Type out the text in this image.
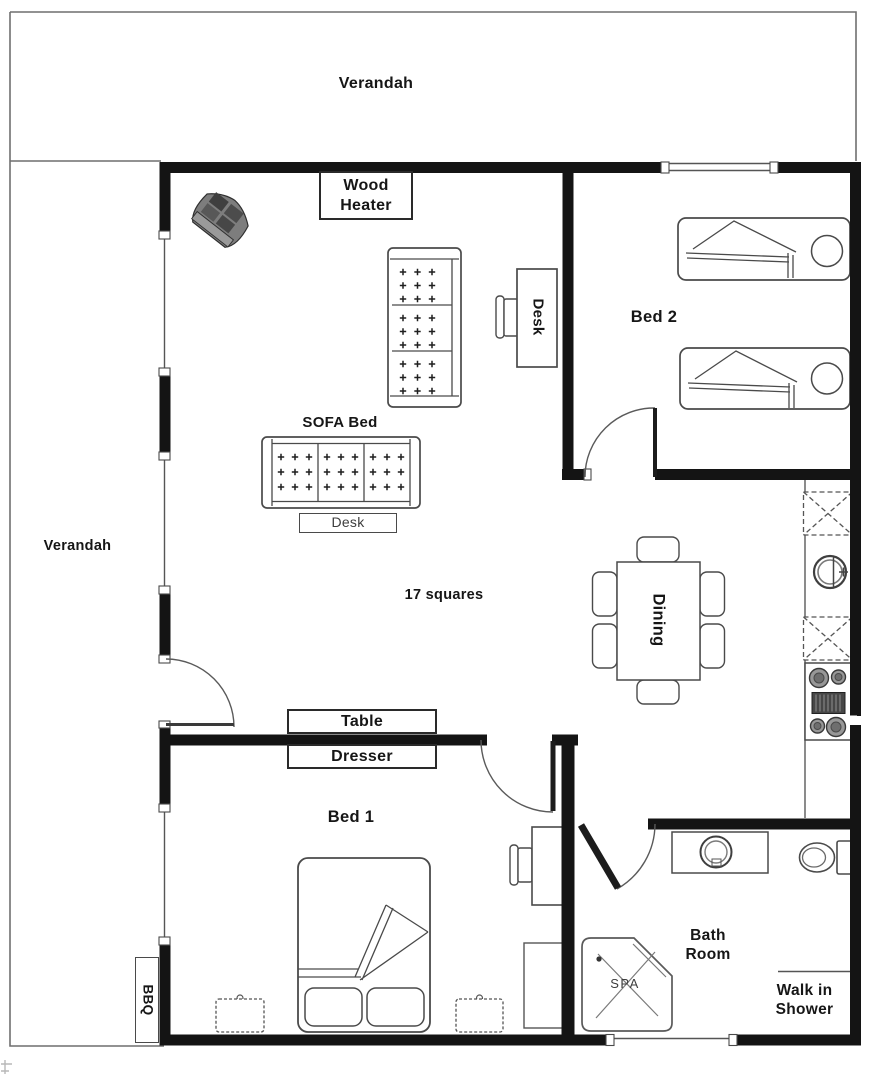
Verandah
Verandah
Wood
Heater
Bed 2
SOFA Bed
Desk
Desk
17 squares	Dining
Table
Dresser
Bed 1
BBQ
Bath
Room
SPA	Walk in
Shower
